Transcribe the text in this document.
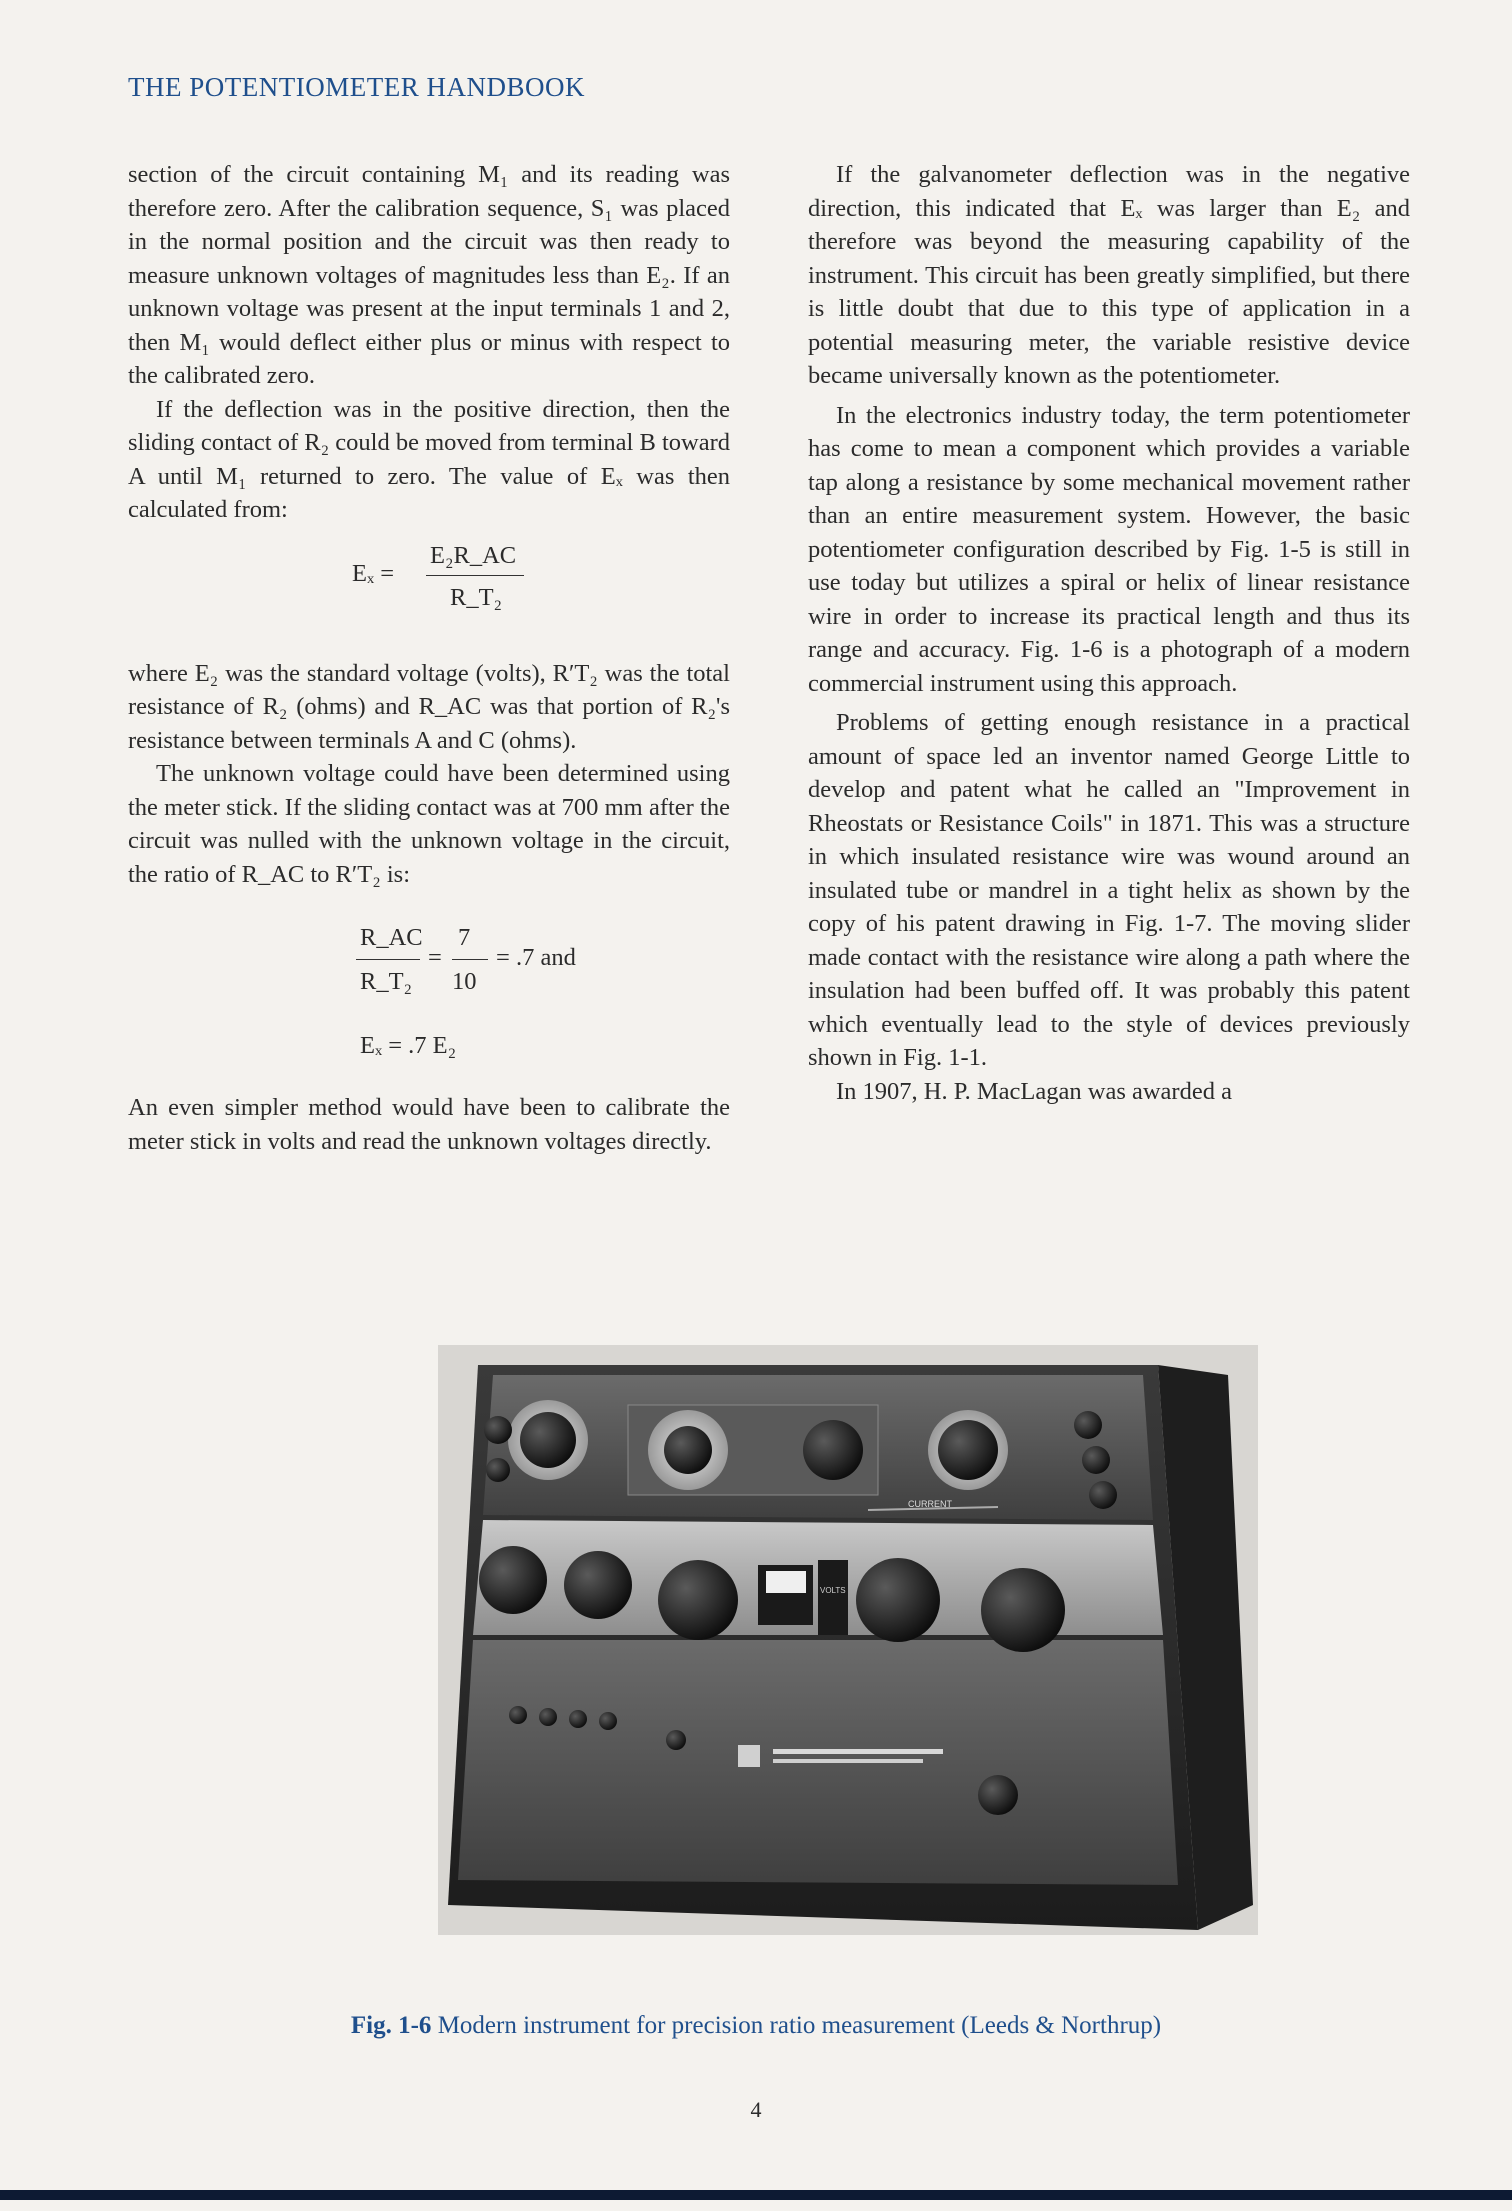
THE POTENTIOMETER HANDBOOK

section of the circuit containing M₁ and its reading was therefore zero. After the calibration sequence, S₁ was placed in the normal position and the circuit was then ready to measure unknown voltages of magnitudes less than E₂. If an unknown voltage was present at the input terminals 1 and 2, then M₁ would deflect either plus or minus with respect to the calibrated zero.

If the deflection was in the positive direction, then the sliding contact of R₂ could be moved from terminal B toward A until M₁ returned to zero. The value of Eₓ was then calculated from:

Eₓ =
E₂R_AC
R_T₂

where E₂ was the standard voltage (volts), R′T₂ was the total resistance of R₂ (ohms) and R_AC was that portion of R₂'s resistance between terminals A and C (ohms).

The unknown voltage could have been determined using the meter stick. If the sliding contact was at 700 mm after the circuit was nulled with the unknown voltage in the circuit, the ratio of R_AC to R′T₂ is:

R_AC
R_T₂
=
7
10
= .7 and
Eₓ = .7 E₂

An even simpler method would have been to calibrate the meter stick in volts and read the unknown voltages directly.

If the galvanometer deflection was in the negative direction, this indicated that Eₓ was larger than E₂ and therefore was beyond the measuring capability of the instrument. This circuit has been greatly simplified, but there is little doubt that due to this type of application in a potential measuring meter, the variable resistive device became universally known as the potentiometer.

In the electronics industry today, the term potentiometer has come to mean a component which provides a variable tap along a resistance by some mechanical movement rather than an entire measurement system. However, the basic potentiometer configuration described by Fig. 1-5 is still in use today but utilizes a spiral or helix of linear resistance wire in order to increase its practical length and thus its range and accuracy. Fig. 1-6 is a photograph of a modern commercial instrument using this approach.

Problems of getting enough resistance in a practical amount of space led an inventor named George Little to develop and patent what he called an "Improvement in Rheostats or Resistance Coils" in 1871. This was a structure in which insulated resistance wire was wound around an insulated tube or mandrel in a tight helix as shown by the copy of his patent drawing in Fig. 1-7. The moving slider made contact with the resistance wire along a path where the insulation had been buffed off. It was probably this patent which eventually lead to the style of devices previously shown in Fig. 1-1.

In 1907, H. P. MacLagan was awarded a

CURRENT
VOLTS
Fig. 1-6 Modern instrument for precision ratio measurement (Leeds & Northrup)
4
